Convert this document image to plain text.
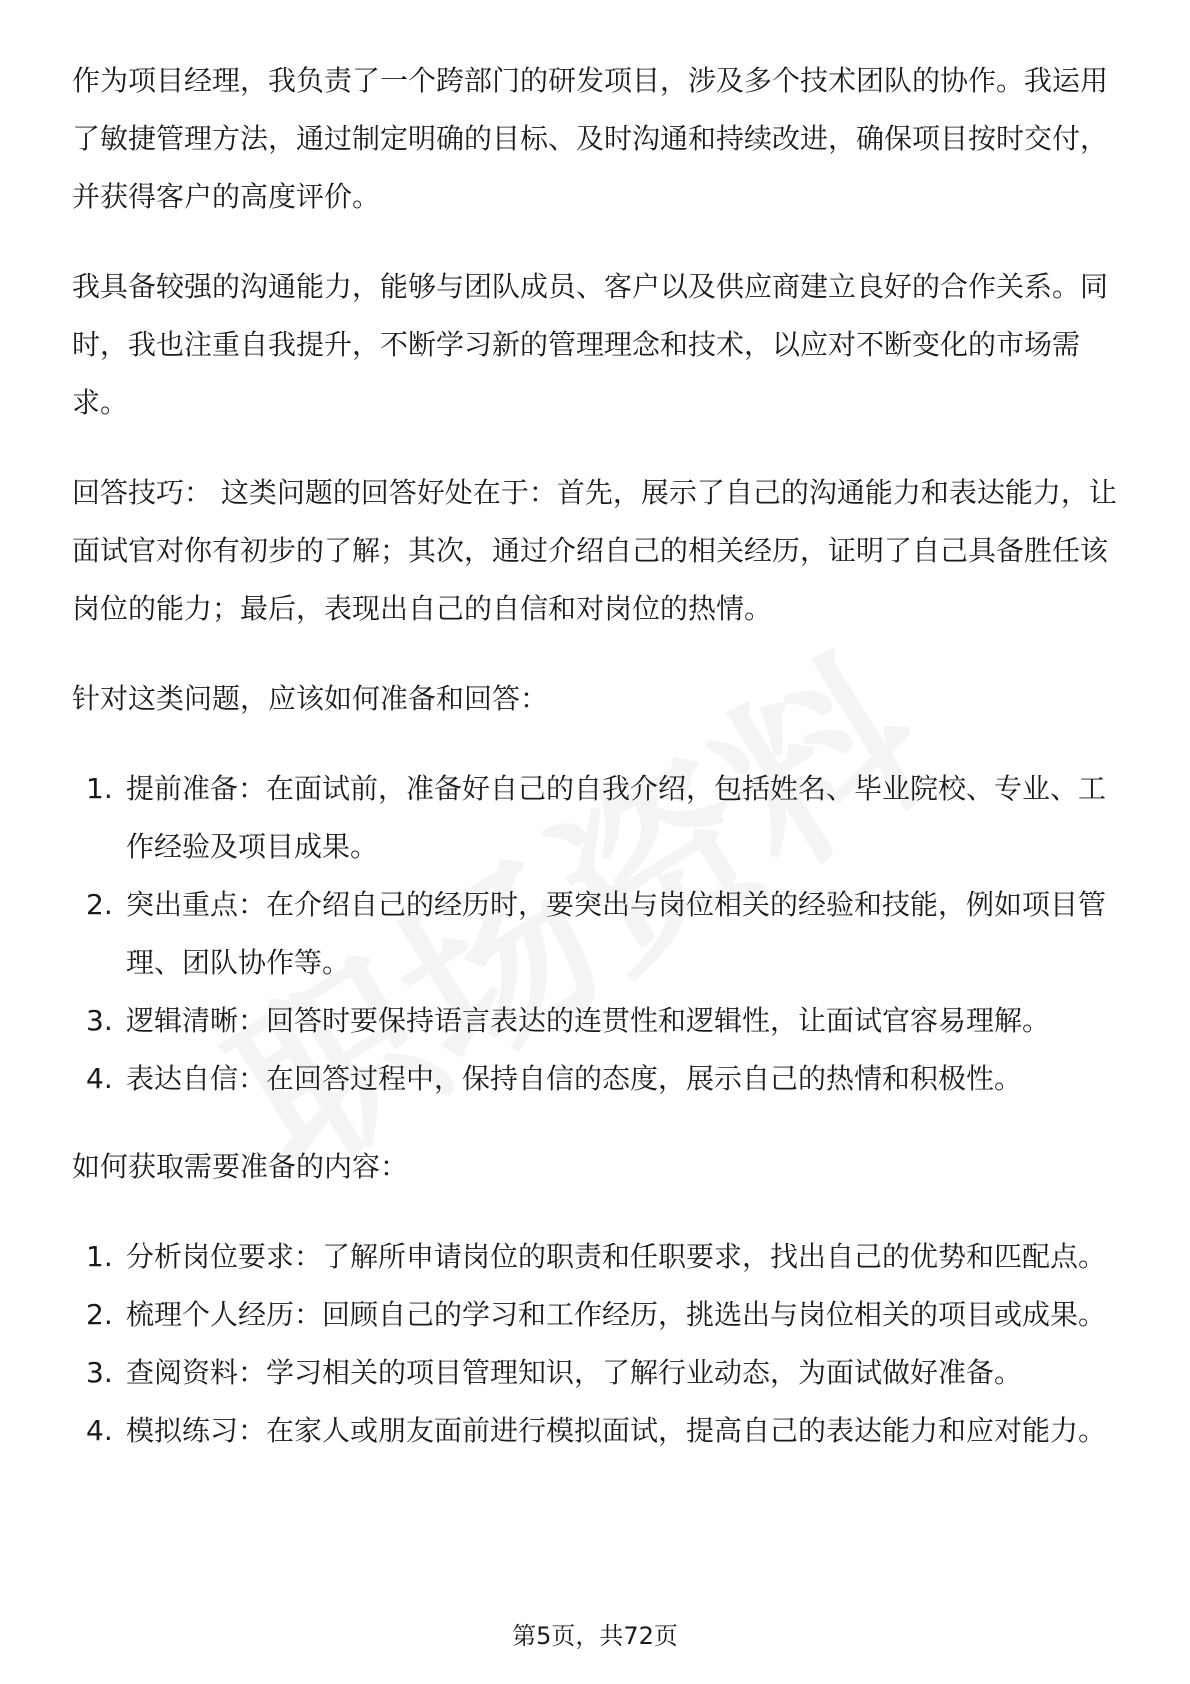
作为项目经理，我负责了一个跨部门的研发项目，涉及多个技术团队的协作。我运用了敏捷管理方法，通过制定明确的目标、及时沟通和持续改进，确保项目按时交付，并获得客户的高度评价。

我具备较强的沟通能力，能够与团队成员、客户以及供应商建立良好的合作关系。同时，我也注重自我提升，不断学习新的管理理念和技术，以应对不断变化的市场需求。

回答技巧： 这类问题的回答好处在于：首先，展示了自己的沟通能力和表达能力，让面试官对你有初步的了解；其次，通过介绍自己的相关经历，证明了自己具备胜任该岗位的能力；最后，表现出自己的自信和对岗位的热情。

针对这类问题，应该如何准备和回答：

1. 提前准备：在面试前，准备好自己的自我介绍，包括姓名、毕业院校、专业、工作经验及项目成果。
2. 突出重点：在介绍自己的经历时，要突出与岗位相关的经验和技能，例如项目管理、团队协作等。
3. 逻辑清晰：回答时要保持语言表达的连贯性和逻辑性，让面试官容易理解。
4. 表达自信：在回答过程中，保持自信的态度，展示自己的热情和积极性。

如何获取需要准备的内容：

1. 分析岗位要求：了解所申请岗位的职责和任职要求，找出自己的优势和匹配点。
2. 梳理个人经历：回顾自己的学习和工作经历，挑选出与岗位相关的项目或成果。
3. 查阅资料：学习相关的项目管理知识，了解行业动态，为面试做好准备。
4. 模拟练习：在家人或朋友面前进行模拟面试，提高自己的表达能力和应对能力。
第5页，共72页
